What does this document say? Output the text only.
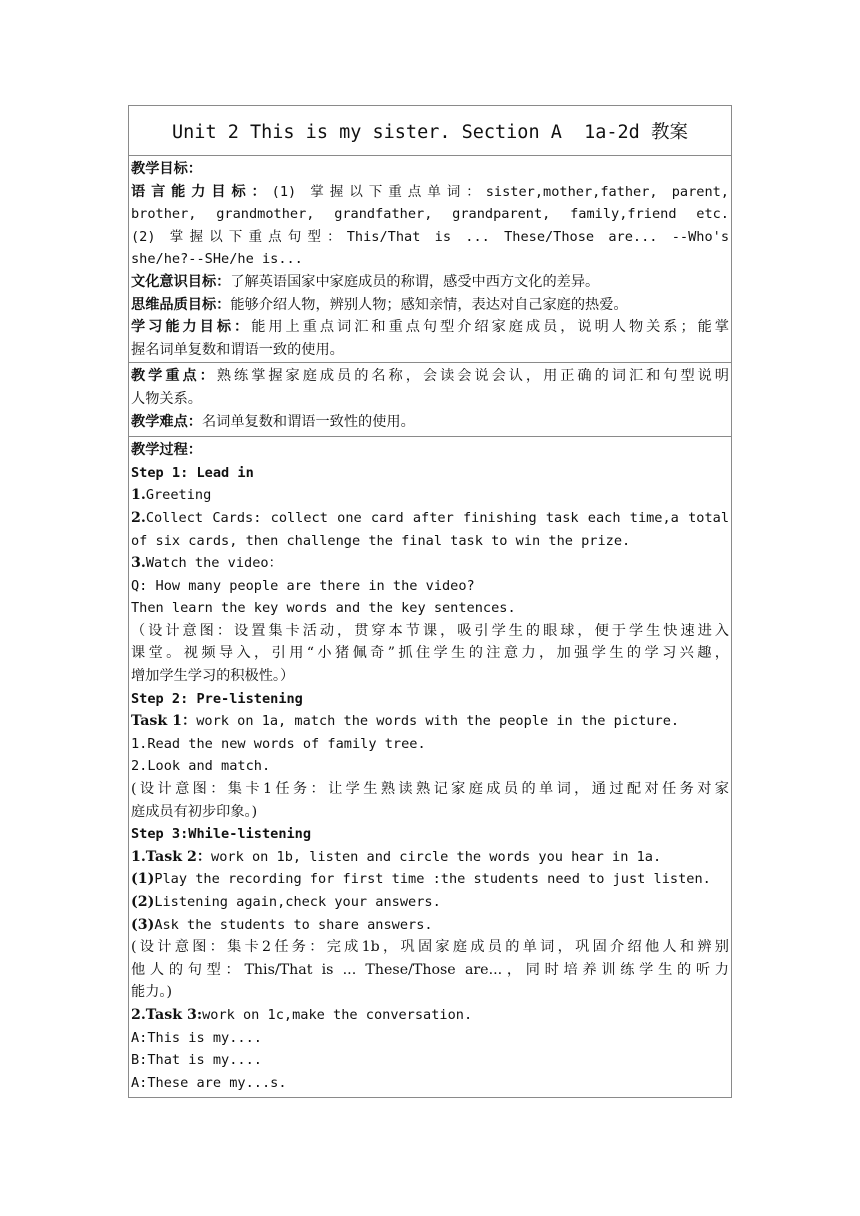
Unit 2 This is my sister. Section A  1a-2d 教案
教学目标：
语言能力目标：(1) 掌握以下重点单词：sister,mother,father, parent,
brother, grandmother, grandfather, grandparent, family,friend etc.
(2) 掌握以下重点句型：This/That is ... These/Those are... --Who's
she/he?--SHe/he is...
文化意识目标：了解英语国家中家庭成员的称谓，感受中西方文化的差异。
思维品质目标：能够介绍人物，辨别人物；感知亲情，表达对自己家庭的热爱。
学习能力目标：能用上重点词汇和重点句型介绍家庭成员，说明人物关系；能掌
握名词单复数和谓语一致的使用。
教学重点：熟练掌握家庭成员的名称，会读会说会认，用正确的词汇和句型说明
人物关系。
教学难点：名词单复数和谓语一致性的使用。
教学过程：
Step 1: Lead in
1.Greeting
2.Collect Cards: collect one card after finishing task each time,a total
of six cards, then challenge the final task to win the prize.
3.Watch the video：
Q: How many people are there in the video?
Then learn the key words and the key sentences.
（设计意图：设置集卡活动，贯穿本节课，吸引学生的眼球，便于学生快速进入
课堂。视频导入，引用“小猪佩奇”抓住学生的注意力，加强学生的学习兴趣，
增加学生学习的积极性。）
Step 2: Pre-listening
Task 1：work on 1a, match the words with the people in the picture.
1.Read the new words of family tree.
2.Look and match.
(设计意图：集卡1任务：让学生熟读熟记家庭成员的单词，通过配对任务对家
庭成员有初步印象。)
Step 3:While-listening
1.Task 2：work on 1b, listen and circle the words you hear in 1a.
(1)Play the recording for first time :the students need to just listen.
(2)Listening again,check your answers.
(3)Ask the students to share answers.
(设计意图：集卡2任务：完成1b，巩固家庭成员的单词，巩固介绍他人和辨别
他人的句型：This/That is ... These/Those are...，同时培养训练学生的听力
能力。)
2.Task 3:work on 1c,make the conversation.
A:This is my....
B:That is my....
A:These are my...s.
